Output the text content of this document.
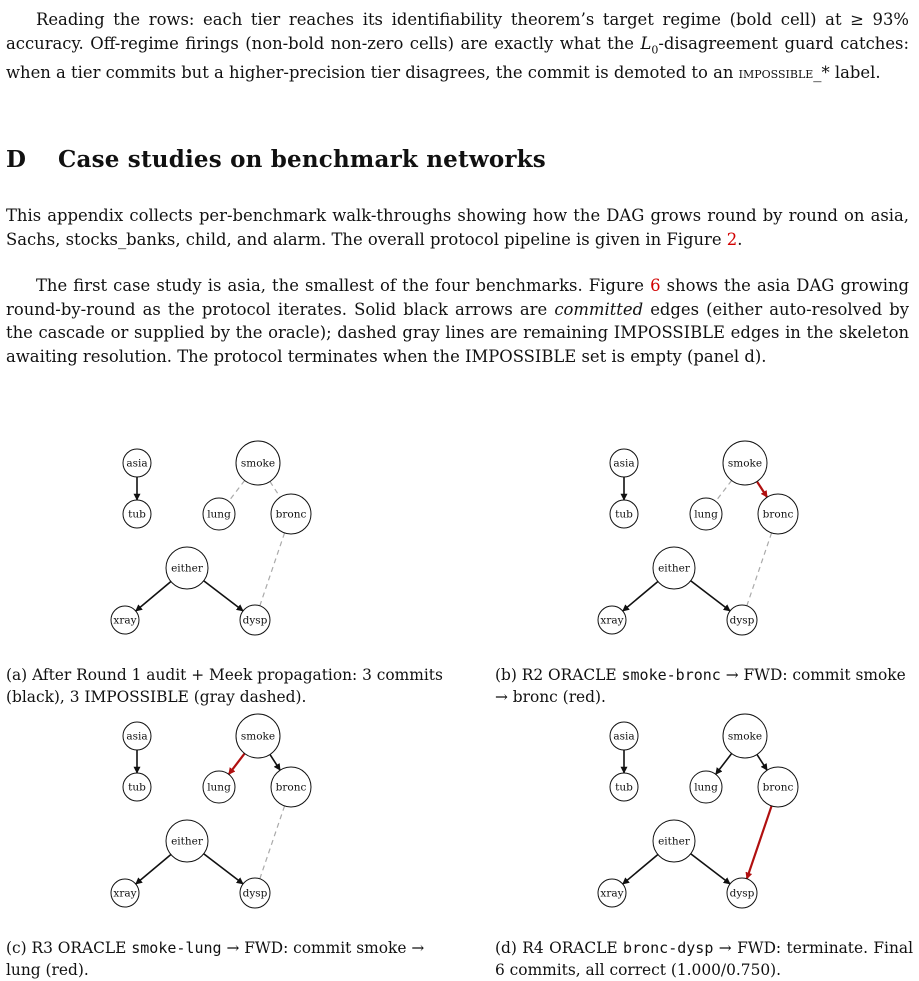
Reading the rows: each tier reaches its identifiability theorem’s target regime (bold cell) at ≥ 93% accuracy. Off-regime firings (non-bold non-zero cells) are exactly what the $L_0$-disagreement guard catches: when a tier commits but a higher-precision tier disagrees, the commit is demoted to an impossible_* label.

D Case studies on benchmark networks

This appendix collects per-benchmark walk-throughs showing how the DAG grows round by round on asia, Sachs, stocks_banks, child, and alarm. The overall protocol pipeline is given in Figure 2.

The first case study is asia, the smallest of the four benchmarks. Figure 6 shows the asia DAG growing round-by-round as the protocol iterates. Solid black arrows are committed edges (either auto-resolved by the cascade or supplied by the oracle); dashed gray lines are remaining IMPOSSIBLE edges in the skeleton awaiting resolution. The protocol terminates when the IMPOSSIBLE set is empty (panel d).

asia
tub
smoke
lung	bronc
either
xray	dysp

(a) After Round 1 audit + Meek propagation: 3 commits (black), 3 IMPOSSIBLE (gray dashed).

asia
tub
smoke
lung	bronc
either
xray	dysp

(b) R2 ORACLE smoke-bronc → FWD: commit smoke → bronc (red).

asia
tub
smoke
lung	bronc
either
xray	dysp

(c) R3 ORACLE smoke-lung → FWD: commit smoke → lung (red).

asia
tub
smoke
lung	bronc
either
xray	dysp

(d) R4 ORACLE bronc-dysp → FWD: terminate. Final 6 commits, all correct (1.000/0.750).
